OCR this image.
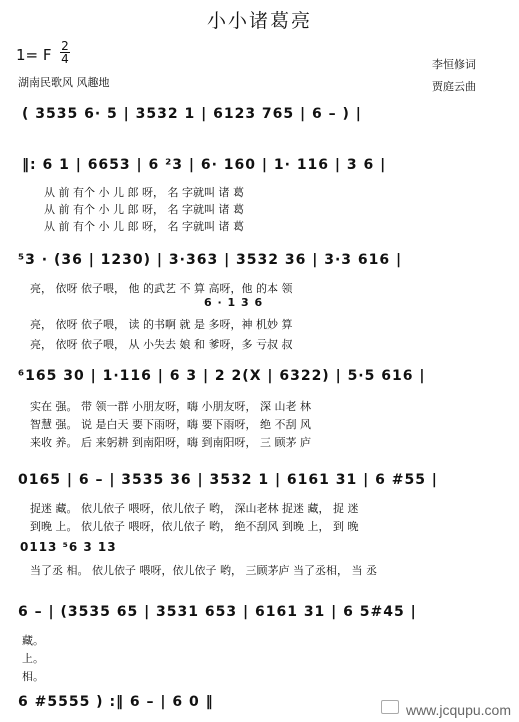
小小诸葛亮
1= F $\frac{2}{4}$	李恒修词
贾庭云曲
湖南民歌风 风趣地
( 3535 6· 5 | 3532 1 | 6123 765 | 6 – ) |
‖: 6 1 | 6653 | 6 ²3 | 6· 160 | 1· 116 | 3 6 |
从 前 有个 小 儿 郎 呀， 名 字就叫 诸 葛
从 前 有个 小 儿 郎 呀， 名 字就叫 诸 葛
从 前 有个 小 儿 郎 呀， 名 字就叫 诸 葛
⁵3 · (36 | 1230) | 3·363 | 3532 36 | 3·3 616 |
亮， 依呀 依子喂， 他 的武艺 不 算 高呀，他 的本 领
6 · 1 3 6
亮， 依呀 依子喂， 读 的书啊 就 是 多呀，神 机妙 算
亮， 依呀 依子喂， 从 小失去 娘 和 爹呀，多 亏叔 叔
⁶165 30 | 1·116 | 6 3 | 2 2(X | 6322) | 5·5 616 |
实在 强。 带 领一群 小朋友呀，嗨 小朋友呀， 深 山老 林
智慧 强。 说 是白天 要下雨呀，嗨 要下雨呀， 绝 不刮 风
来收 养。 后 来躬耕 到南阳呀，嗨 到南阳呀， 三 顾茅 庐
0165 | 6 – | 3535 36 | 3532 1 | 6161 31 | 6 #55 |
捉迷 藏。 依儿依子 喂呀，依儿依子 哟， 深山老林 捉迷 藏， 捉 迷
到晚 上。 依儿依子 喂呀，依儿依子 哟， 绝不刮风 到晚 上， 到 晚
0113 ⁵6 3 13
当了丞 相。 依儿依子 喂呀，依儿依子 哟， 三顾茅庐 当了丞相， 当 丞
6 – | (3535 65 | 3531 653 | 6161 31 | 6 5#45 |
藏。
上。
相。
6 #5555 ) :‖ 6 – | 6 0 ‖	www.jcqupu.com
